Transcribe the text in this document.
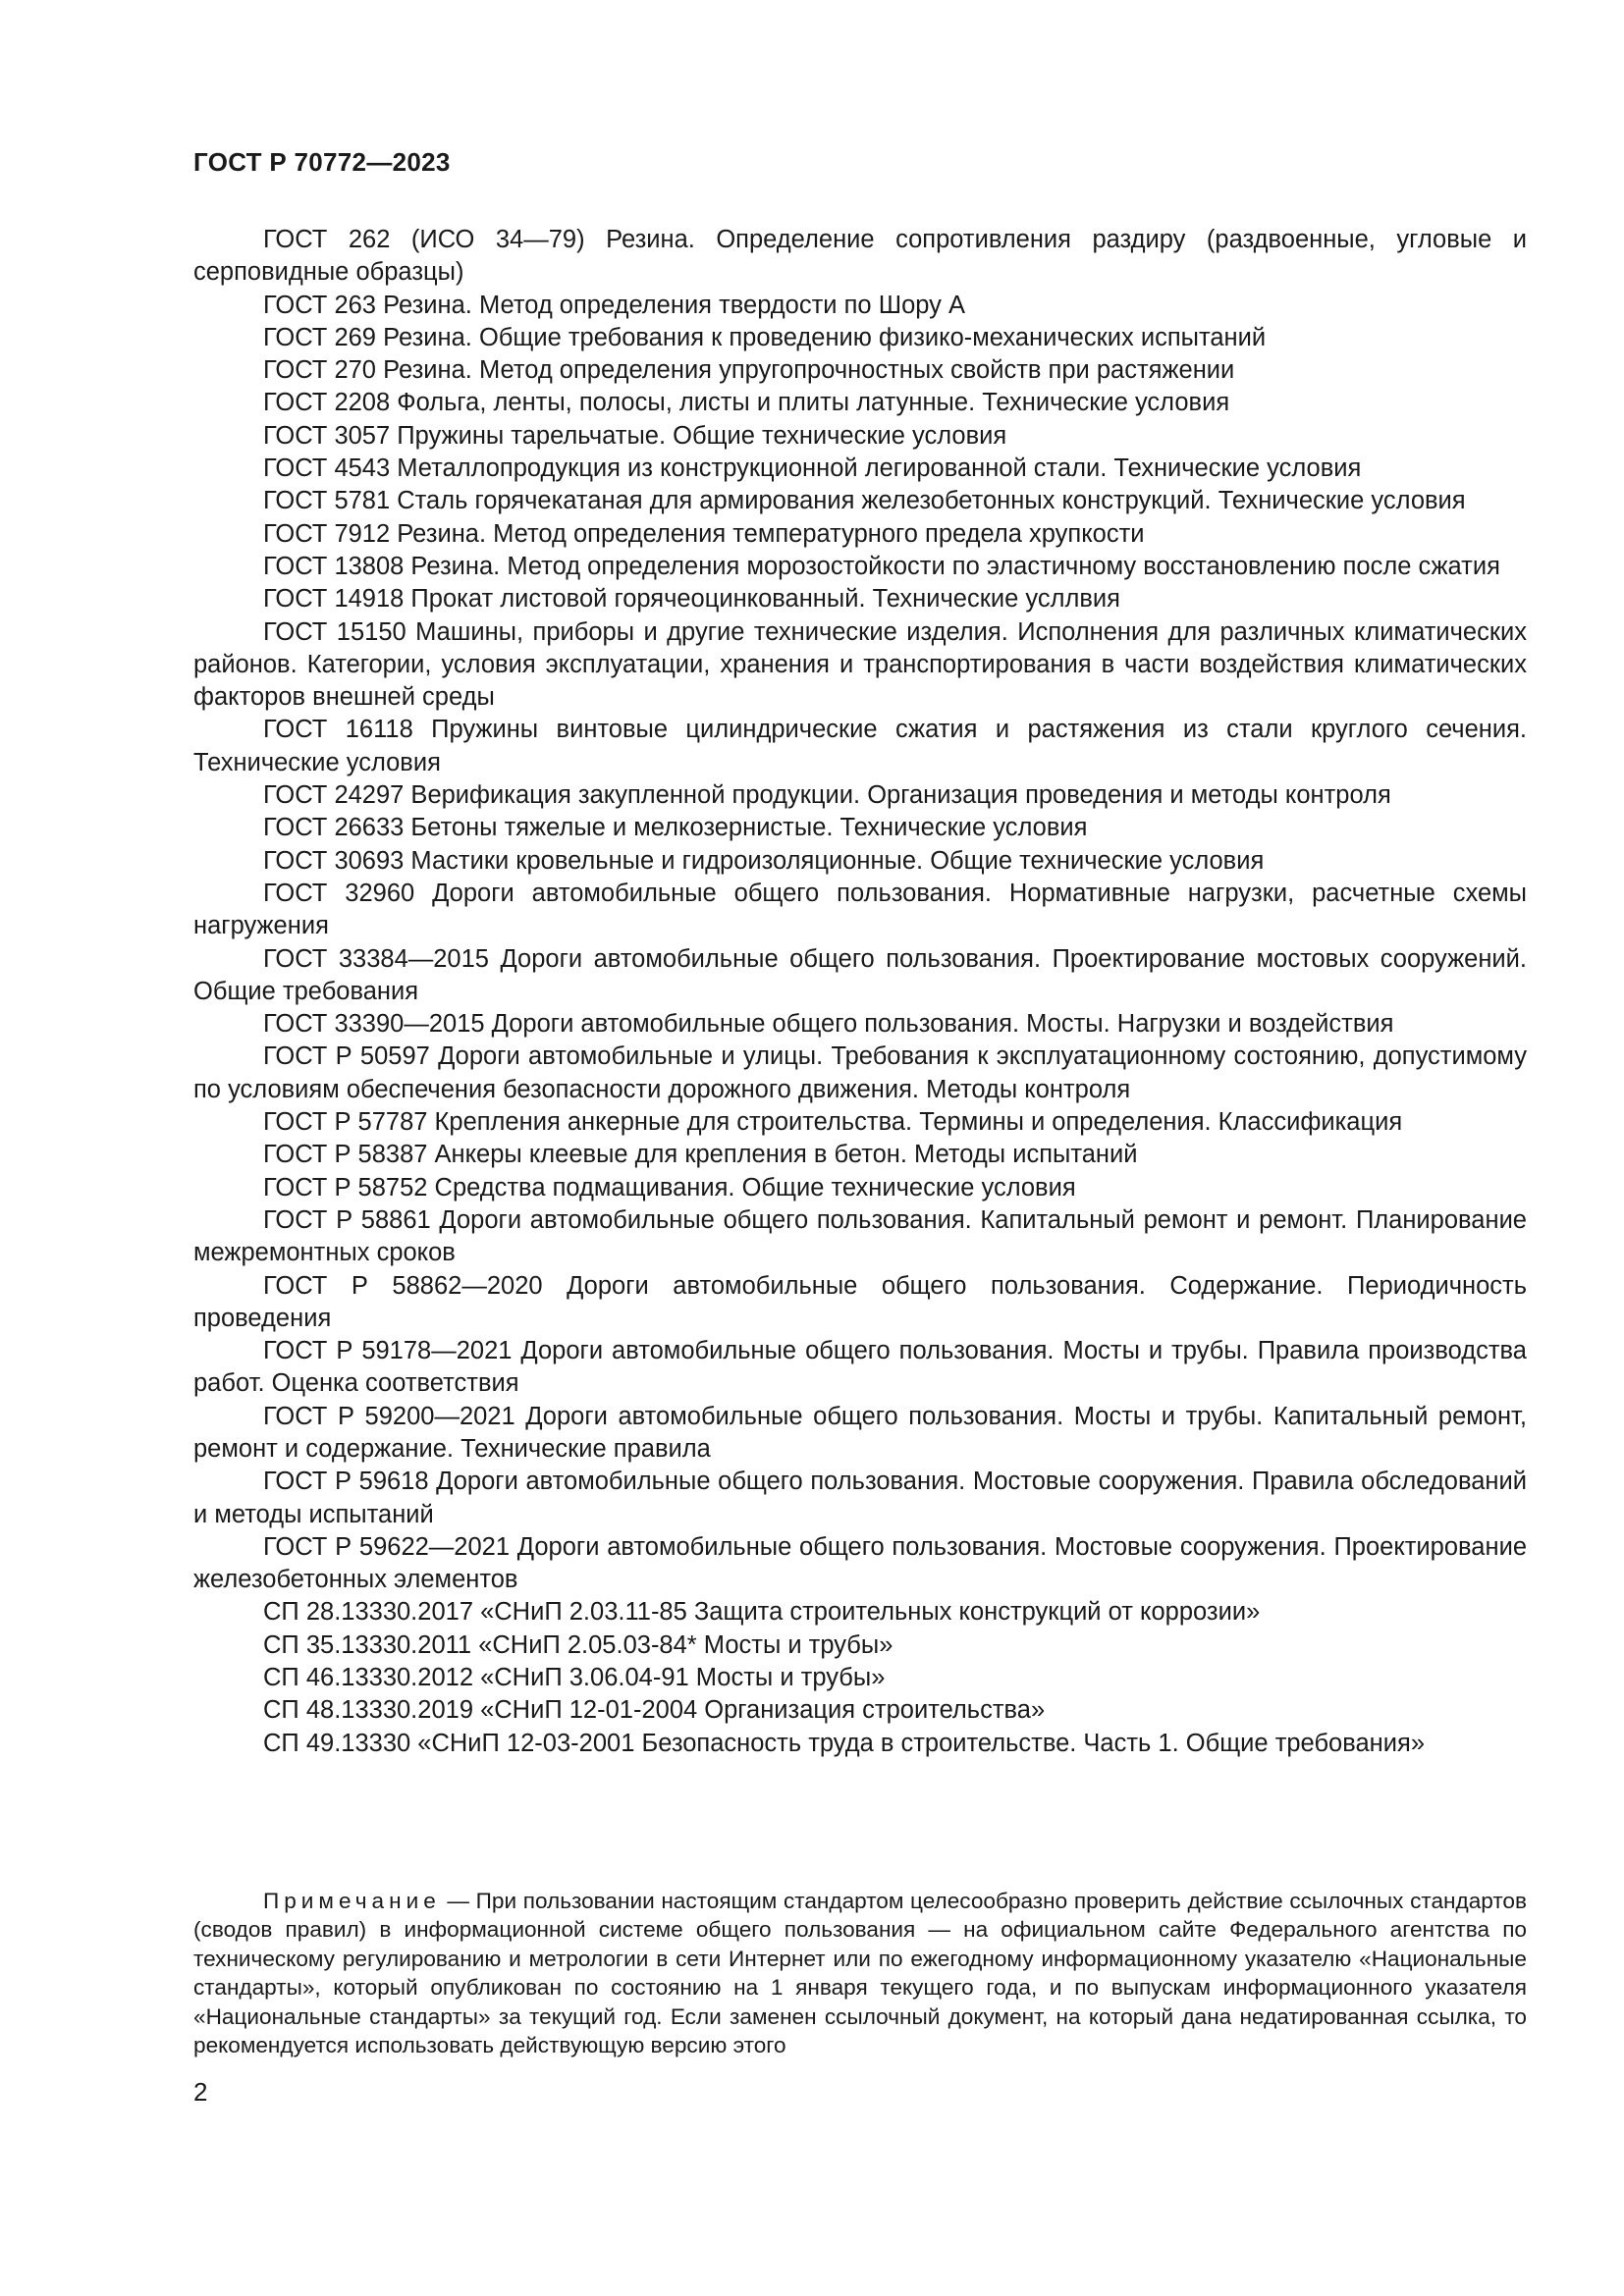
ГОСТ Р 70772—2023

ГОСТ 262 (ИСО 34—79) Резина. Определение сопротивления раздиру (раздвоенные, угловые и серповидные образцы)

ГОСТ 263 Резина. Метод определения твердости по Шору А

ГОСТ 269 Резина. Общие требования к проведению физико-механических испытаний

ГОСТ 270 Резина. Метод определения упругопрочностных свойств при растяжении

ГОСТ 2208 Фольга, ленты, полосы, листы и плиты латунные. Технические условия

ГОСТ 3057 Пружины тарельчатые. Общие технические условия

ГОСТ 4543 Металлопродукция из конструкционной легированной стали. Технические условия

ГОСТ 5781 Сталь горячекатаная для армирования железобетонных конструкций. Технические условия

ГОСТ 7912 Резина. Метод определения температурного предела хрупкости

ГОСТ 13808 Резина. Метод определения морозостойкости по эластичному восстановлению после сжатия

ГОСТ 14918 Прокат листовой горячеоцинкованный. Технические усллвия

ГОСТ 15150 Машины, приборы и другие технические изделия. Исполнения для различных климатических районов. Категории, условия эксплуатации, хранения и транспортирования в части воздействия климатических факторов внешней среды

ГОСТ 16118 Пружины винтовые цилиндрические сжатия и растяжения из стали круглого сечения. Технические условия

ГОСТ 24297 Верификация закупленной продукции. Организация проведения и методы контроля

ГОСТ 26633 Бетоны тяжелые и мелкозернистые. Технические условия

ГОСТ 30693 Мастики кровельные и гидроизоляционные. Общие технические условия

ГОСТ 32960 Дороги автомобильные общего пользования. Нормативные нагрузки, расчетные схемы нагружения

ГОСТ 33384—2015 Дороги автомобильные общего пользования. Проектирование мостовых сооружений. Общие требования

ГОСТ 33390—2015 Дороги автомобильные общего пользования. Мосты. Нагрузки и воздействия

ГОСТ Р 50597 Дороги автомобильные и улицы. Требования к эксплуатационному состоянию, допустимому по условиям обеспечения безопасности дорожного движения. Методы контроля

ГОСТ Р 57787 Крепления анкерные для строительства. Термины и определения. Классификация

ГОСТ Р 58387 Анкеры клеевые для крепления в бетон. Методы испытаний

ГОСТ Р 58752 Средства подмащивания. Общие технические условия

ГОСТ Р 58861 Дороги автомобильные общего пользования. Капитальный ремонт и ремонт. Планирование межремонтных сроков

ГОСТ Р 58862—2020 Дороги автомобильные общего пользования. Содержание. Периодичность проведения

ГОСТ Р 59178—2021 Дороги автомобильные общего пользования. Мосты и трубы. Правила производства работ. Оценка соответствия

ГОСТ Р 59200—2021 Дороги автомобильные общего пользования. Мосты и трубы. Капитальный ремонт, ремонт и содержание. Технические правила

ГОСТ Р 59618 Дороги автомобильные общего пользования. Мостовые сооружения. Правила обследований и методы испытаний

ГОСТ Р 59622—2021 Дороги автомобильные общего пользования. Мостовые сооружения. Проектирование железобетонных элементов

СП 28.13330.2017 «СНиП 2.03.11-85 Защита строительных конструкций от коррозии»

СП 35.13330.2011 «СНиП 2.05.03-84* Мосты и трубы»

СП 46.13330.2012 «СНиП 3.06.04-91 Мосты и трубы»

СП 48.13330.2019 «СНиП 12-01-2004 Организация строительства»

СП 49.13330 «СНиП 12-03-2001 Безопасность труда в строительстве. Часть 1. Общие требования»

Примечание — При пользовании настоящим стандартом целесообразно проверить действие ссылочных стандартов (сводов правил) в информационной системе общего пользования — на официальном сайте Федерального агентства по техническому регулированию и метрологии в сети Интернет или по ежегодному информационному указателю «Национальные стандарты», который опубликован по состоянию на 1 января текущего года, и по выпускам информационного указателя «Национальные стандарты» за текущий год. Если заменен ссылочный документ, на который дана недатированная ссылка, то рекомендуется использовать действующую версию этого

2
